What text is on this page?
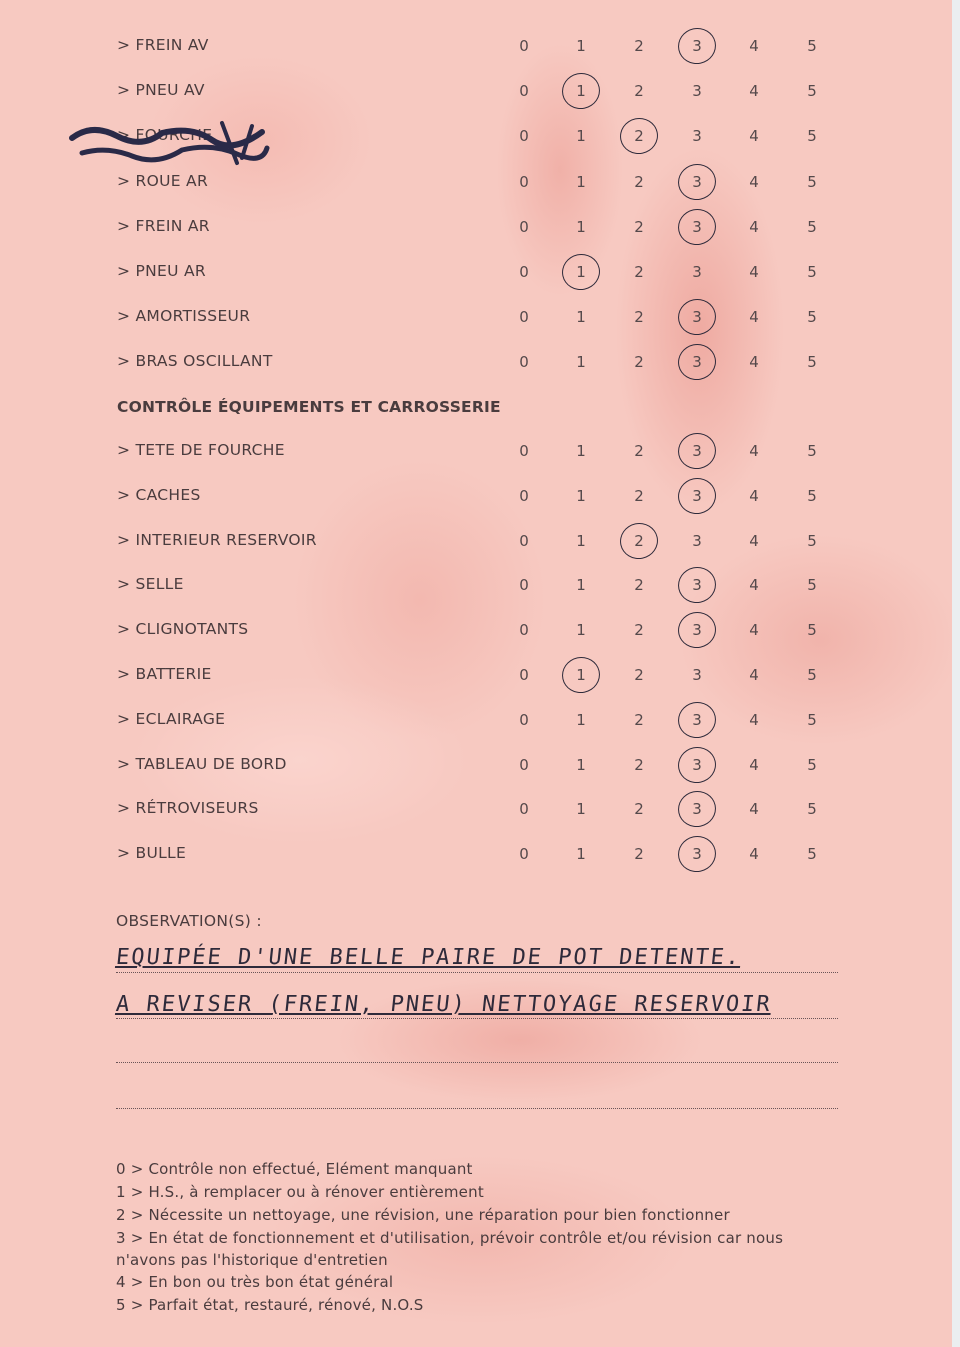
> FREIN AV	0	1	2	3	4	5
> PNEU AV	0	1	2	3	4	5
> FOURCHE	0	1	2	3	4	5
> ROUE AR	0	1	2	3	4	5
> FREIN AR	0	1	2	3	4	5
> PNEU AR	0	1	2	3	4	5
> AMORTISSEUR	0	1	2	3	4	5
> BRAS OSCILLANT	0	1	2	3	4	5
CONTRÔLE ÉQUIPEMENTS ET CARROSSERIE
> TETE DE FOURCHE	0	1	2	3	4	5
> CACHES	0	1	2	3	4	5
> INTERIEUR RESERVOIR	0	1	2	3	4	5
> SELLE	0	1	2	3	4	5
> CLIGNOTANTS	0	1	2	3	4	5
> BATTERIE	0	1	2	3	4	5
> ECLAIRAGE	0	1	2	3	4	5
> TABLEAU DE BORD	0	1	2	3	4	5
> RÉTROVISEURS	0	1	2	3	4	5
> BULLE	0	1	2	3	4	5
OBSERVATION(S) :
EQUIPÉE D'UNE BELLE PAIRE DE POT DETENTE.
A REVISER (FREIN, PNEU) NETTOYAGE RESERVOIR
0 > Contrôle non effectué, Elément manquant
1 > H.S., à remplacer ou à rénover entièrement
2 > Nécessite un nettoyage, une révision, une réparation pour bien fonctionner
3 > En état de fonctionnement et d'utilisation, prévoir contrôle et/ou révision car nous
n'avons pas l'historique d'entretien
4 > En bon ou très bon état général
5 > Parfait état, restauré, rénové, N.O.S
